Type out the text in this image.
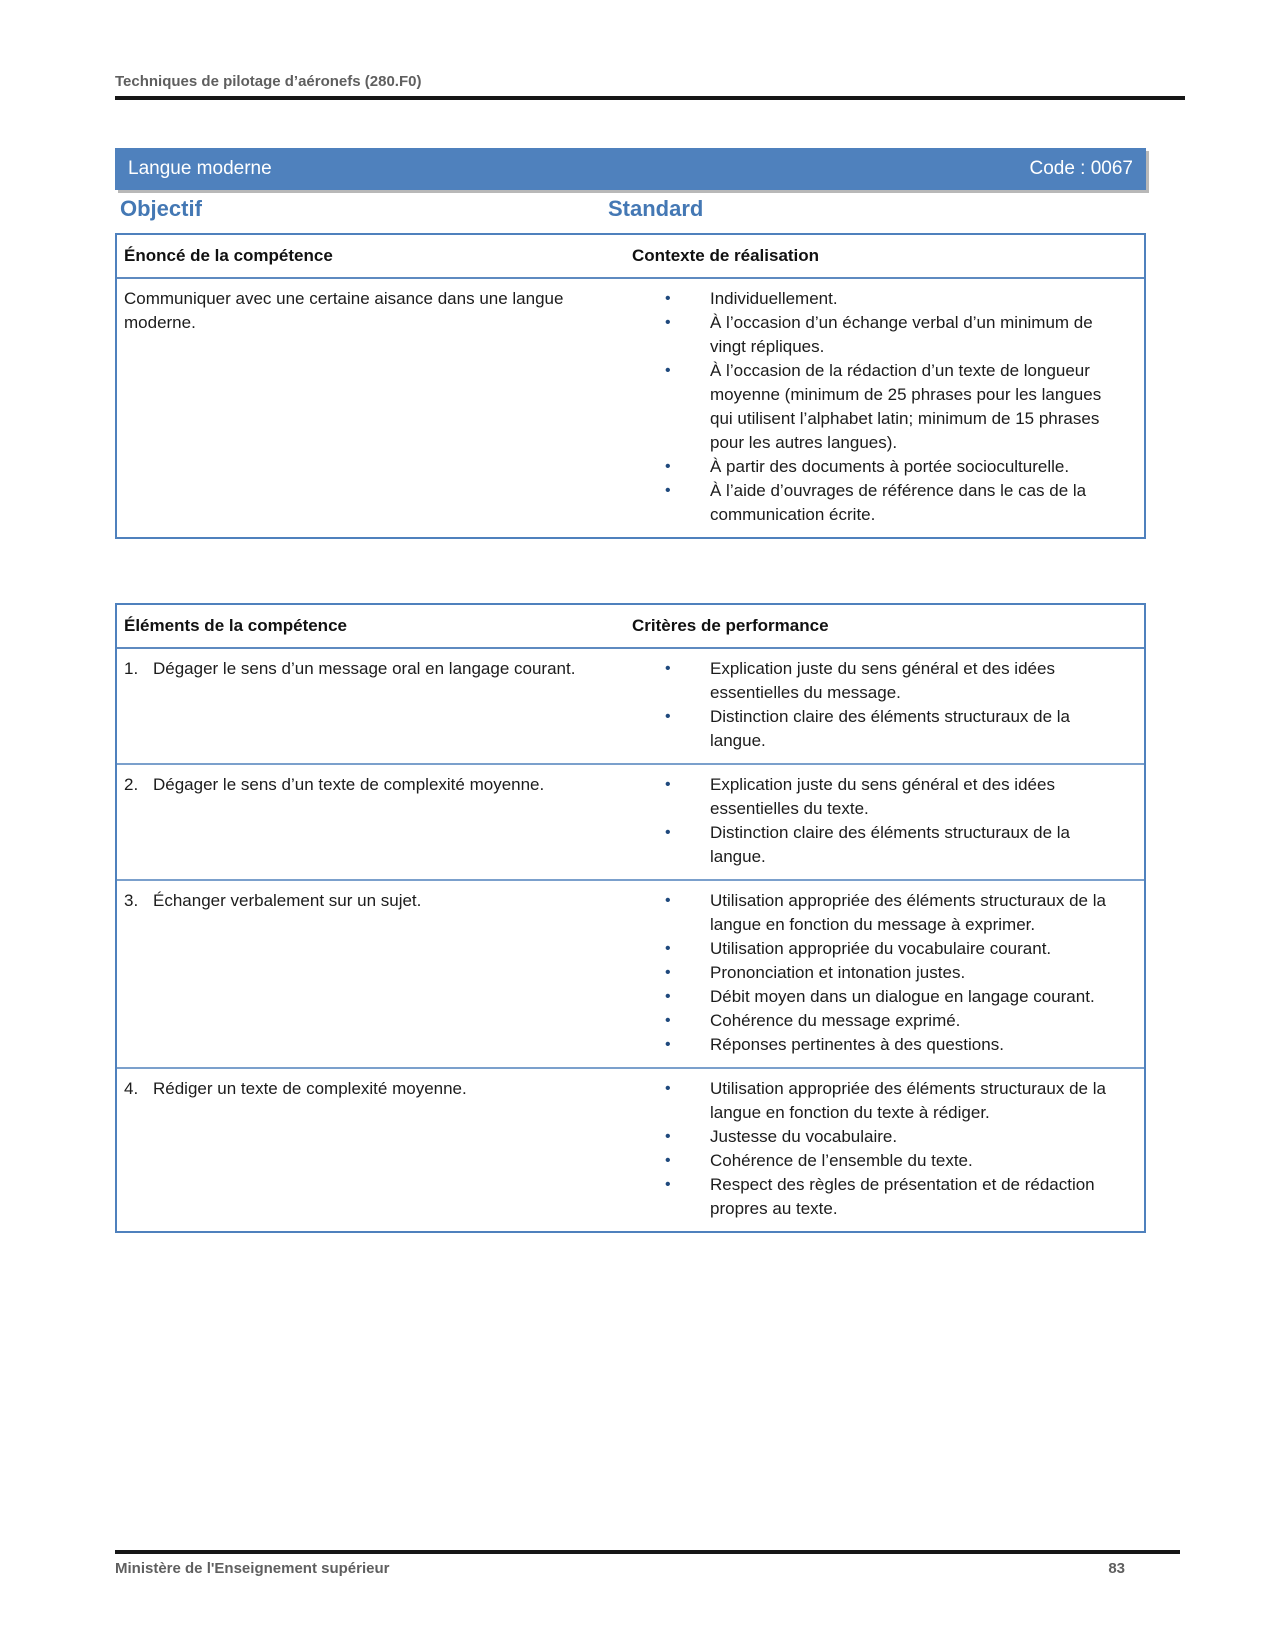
Techniques de pilotage d’aéronefs (280.F0)
Langue moderne	Code : 0067
Objectif	Standard
Énoncé de la compétence	Contexte de réalisation
Communiquer avec une certaine aisance dans une langue moderne.
•	Individuellement.
•	À l’occasion d’un échange verbal d’un minimum de vingt répliques.
•	À l’occasion de la rédaction d’un texte de longueur moyenne (minimum de 25 phrases pour les langues qui utilisent l’alphabet latin; minimum de 15 phrases pour les autres langues).
•	À partir des documents à portée socioculturelle.
•	À l’aide d’ouvrages de référence dans le cas de la communication écrite.
Éléments de la compétence	Critères de performance
1. Dégager le sens d’un message oral en langage courant.	•	Explication juste du sens général et des idées essentielles du message.
•	Distinction claire des éléments structuraux de la langue.
2. Dégager le sens d’un texte de complexité moyenne.	•	Explication juste du sens général et des idées essentielles du texte.
•	Distinction claire des éléments structuraux de la langue.
3. Échanger verbalement sur un sujet.	•	Utilisation appropriée des éléments structuraux de la langue en fonction du message à exprimer.
•	Utilisation appropriée du vocabulaire courant.
•	Prononciation et intonation justes.
•	Débit moyen dans un dialogue en langage courant.
•	Cohérence du message exprimé.
•	Réponses pertinentes à des questions.
4. Rédiger un texte de complexité moyenne.	•	Utilisation appropriée des éléments structuraux de la langue en fonction du texte à rédiger.
•	Justesse du vocabulaire.
•	Cohérence de l’ensemble du texte.
•	Respect des règles de présentation et de rédaction propres au texte.
Ministère de l'Enseignement supérieur	83
